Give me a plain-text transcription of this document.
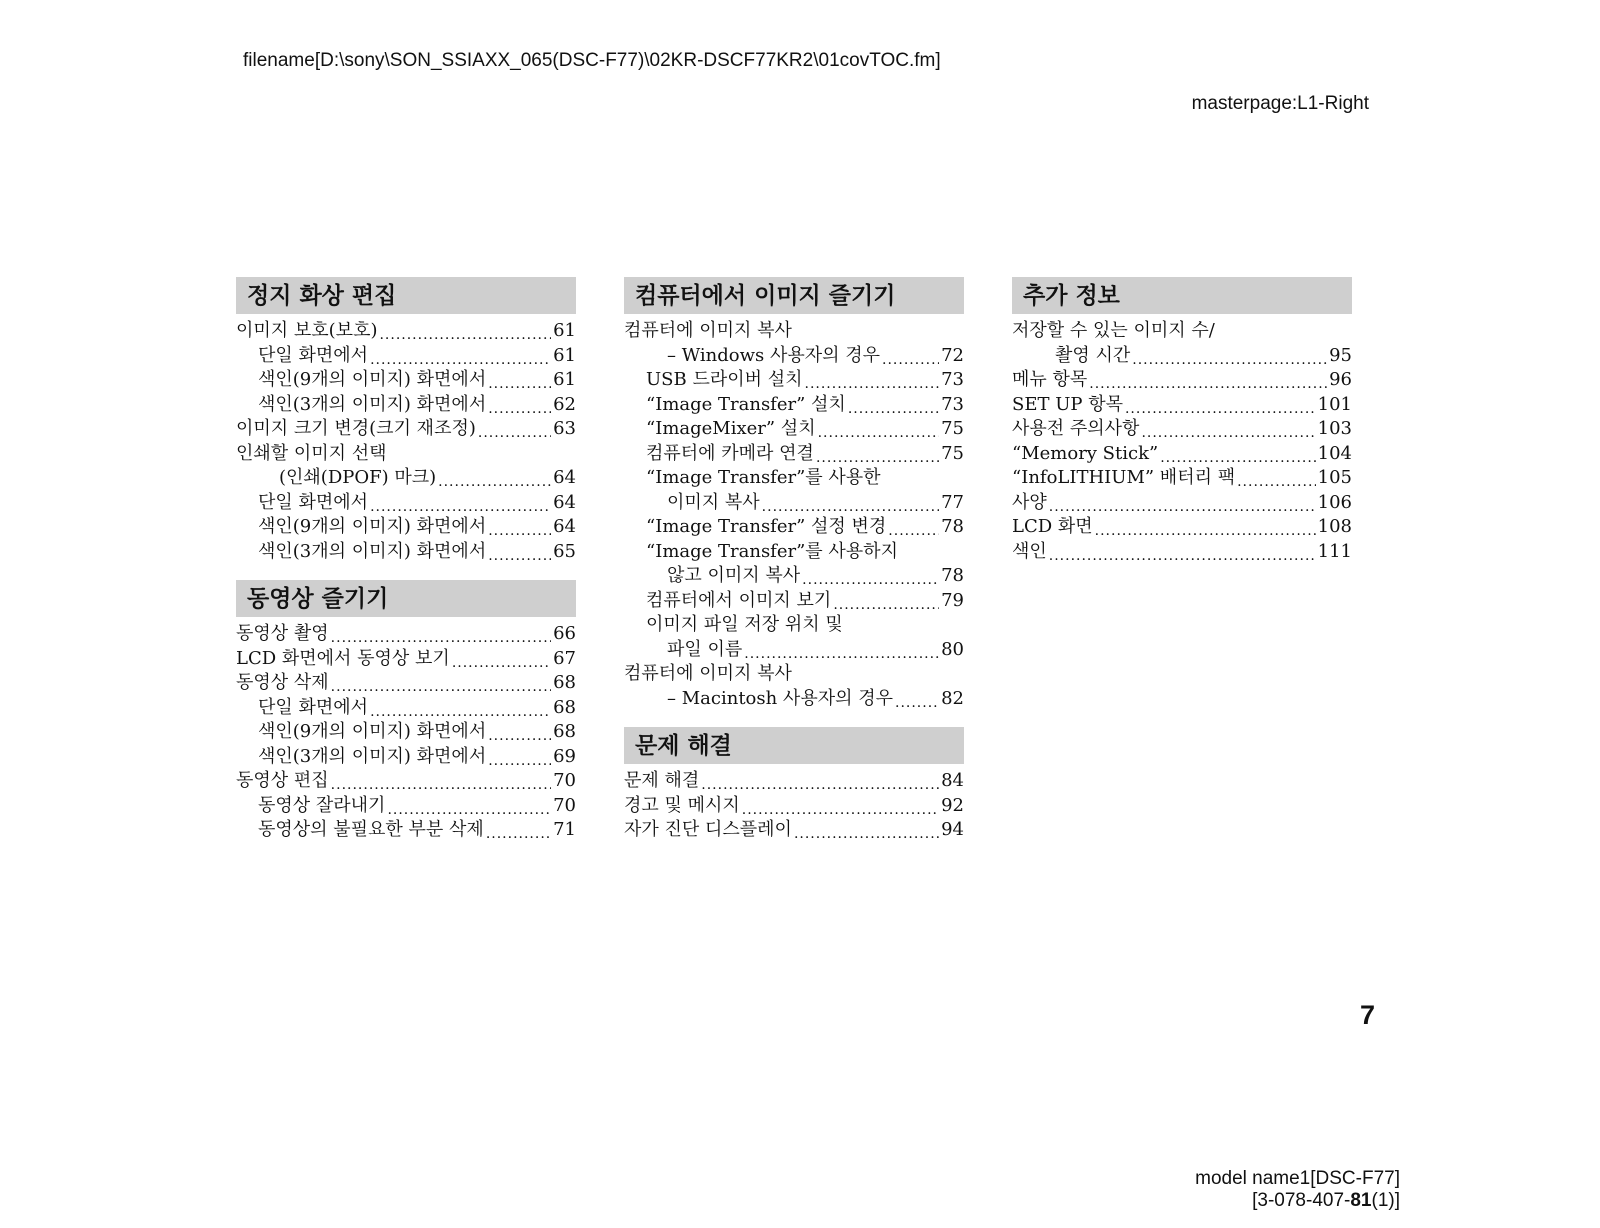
filename[D:\sony\SON_SSIAXX_065(DSC-F77)\02KR-DSCF77KR2\01covTOC.fm]
masterpage:L1-Right
정지 화상 편집
이미지 보호(보호) .....	61
단일 화면에서 .....	61
색인(9개의 이미지) 화면에서 .....	61
색인(3개의 이미지) 화면에서 .....	62
이미지 크기 변경(크기 재조정) .....	63
인쇄할 이미지 선택
(인쇄(DPOF) 마크) .....	64
단일 화면에서 .....	64
색인(9개의 이미지) 화면에서 .....	64
색인(3개의 이미지) 화면에서 .....	65
동영상 즐기기
동영상 촬영 .....	66
LCD 화면에서 동영상 보기 .....	67
동영상 삭제 .....	68
단일 화면에서 .....	68
색인(9개의 이미지) 화면에서 .....	68
색인(3개의 이미지) 화면에서 .....	69
동영상 편집 .....	70
동영상 잘라내기 .....	70
동영상의 불필요한 부분 삭제 .....	71
컴퓨터에서 이미지 즐기기
컴퓨터에 이미지 복사
– Windows 사용자의 경우 .....	72
USB 드라이버 설치 .....	73
“Image Transfer” 설치 .....	73
“ImageMixer” 설치 .....	75
컴퓨터에 카메라 연결 .....	75
“Image Transfer”를 사용한
이미지 복사 .....	77
“Image Transfer” 설정 변경 .....	78
“Image Transfer”를 사용하지
않고 이미지 복사 .....	78
컴퓨터에서 이미지 보기 .....	79
이미지 파일 저장 위치 및
파일 이름 .....	80
컴퓨터에 이미지 복사
– Macintosh 사용자의 경우 .....	82
문제 해결
문제 해결 .....	84
경고 및 메시지 .....	92
자가 진단 디스플레이 .....	94
추가 정보
저장할 수 있는 이미지 수/
촬영 시간 .....	95
메뉴 항목 .....	96
SET UP 항목 .....	101
사용전 주의사항 .....	103
“Memory Stick” .....	104
“InfoLITHIUM” 배터리 팩 .....	105
사양 .....	106
LCD 화면 .....	108
색인 .....	111
7
model name1[DSC-F77]
[3-078-407-81(1)]
